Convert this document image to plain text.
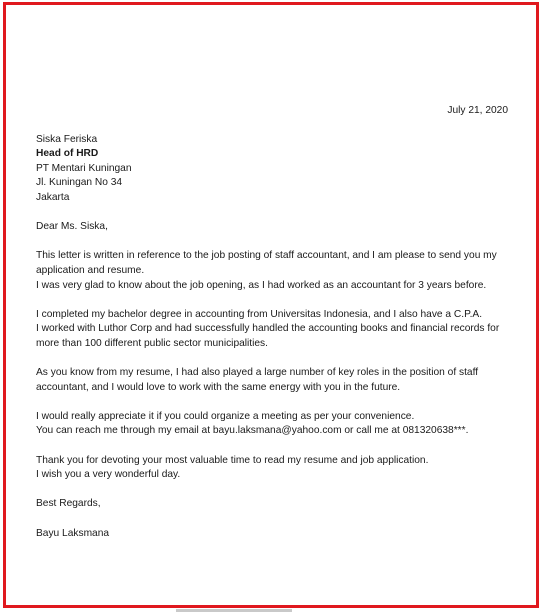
July 21, 2020
Siska Feriska
Head of HRD
PT Mentari Kuningan
Jl. Kuningan No 34
Jakarta
Dear Ms. Siska,
This letter is written in reference to the job posting of staff accountant, and I am please to send you my application and resume.
I was very glad to know about the job opening, as I had worked as an accountant for 3 years before.
I completed my bachelor degree in accounting from Universitas Indonesia, and I also have a C.P.A.
I worked with Luthor Corp and had successfully handled the accounting books and financial records for more than 100 different public sector municipalities.
As you know from my resume, I had also played a large number of key roles in the position of staff accountant, and I would love to work with the same energy with you in the future.
I would really appreciate it if you could organize a meeting as per your convenience.
You can reach me through my email at bayu.laksmana@yahoo.com or call me at 081320638***.
Thank you for devoting your most valuable time to read my resume and job application.
I wish you a very wonderful day.
Best Regards,
Bayu Laksmana
